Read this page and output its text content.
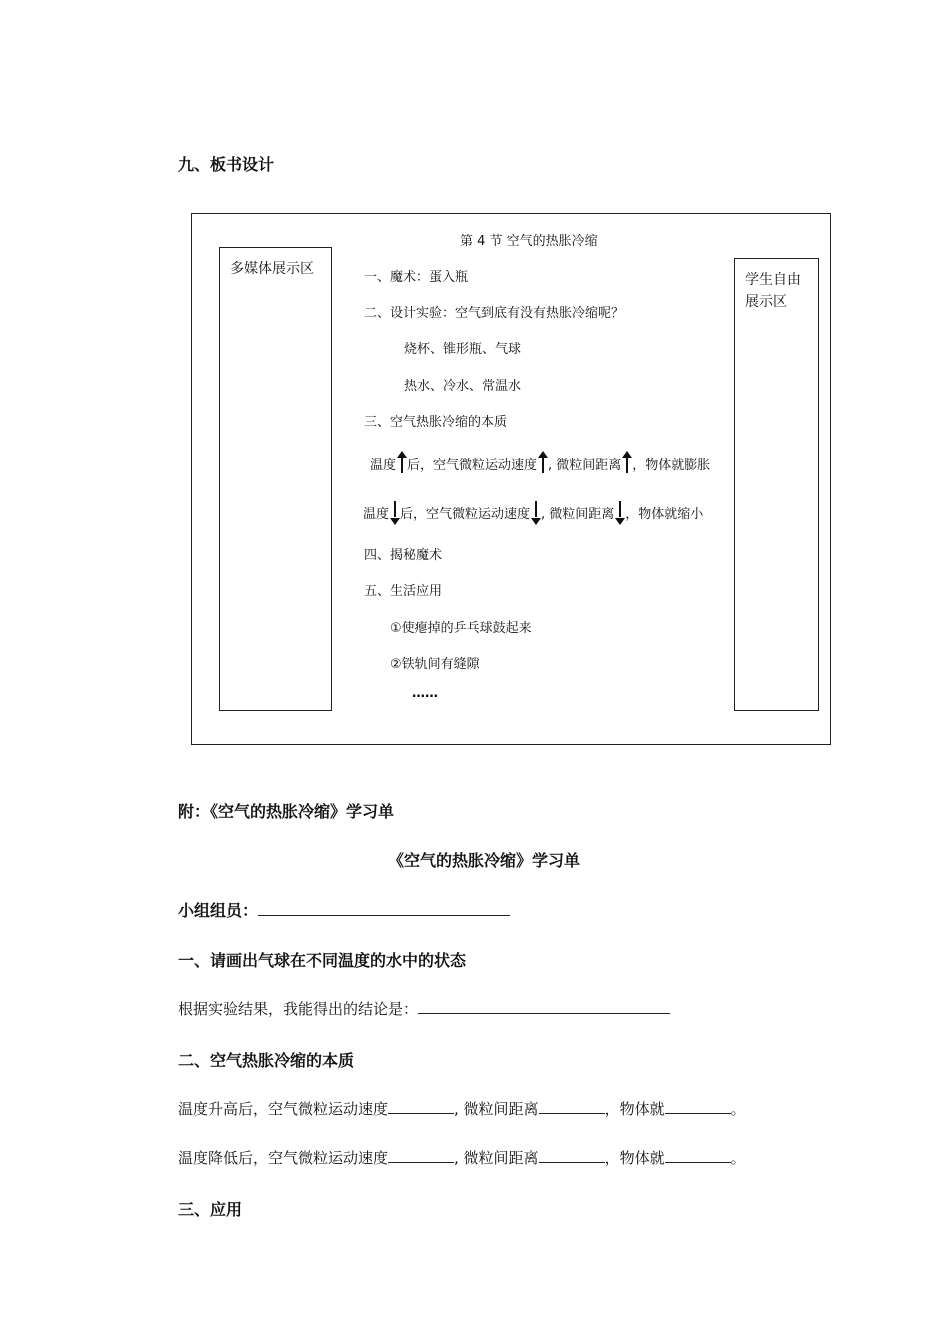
九、板书设计
多媒体展示区
学生自由展示区
第 4 节 空气的热胀冷缩
一、魔术：蛋入瓶
二、设计实验：空气到底有没有热胀冷缩呢？
烧杯、锥形瓶、气球
热水、冷水、常温水
三、空气热胀冷缩的本质
温度 后，空气微粒运动速度 , 微粒间距离 ，物体就膨胀
温度 后，空气微粒运动速度 , 微粒间距离 ，物体就缩小
四、揭秘魔术
五、生活应用
①使瘪掉的乒乓球鼓起来
②铁轨间有缝隙
……
附：《空气的热胀冷缩》学习单
《空气的热胀冷缩》学习单
小组组员：
一、请画出气球在不同温度的水中的状态
根据实验结果，我能得出的结论是：
二、空气热胀冷缩的本质
温度升高后，空气微粒运动速度	, 微粒间距离	，物体就	。
温度降低后，空气微粒运动速度	, 微粒间距离	，物体就	。
三、应用
